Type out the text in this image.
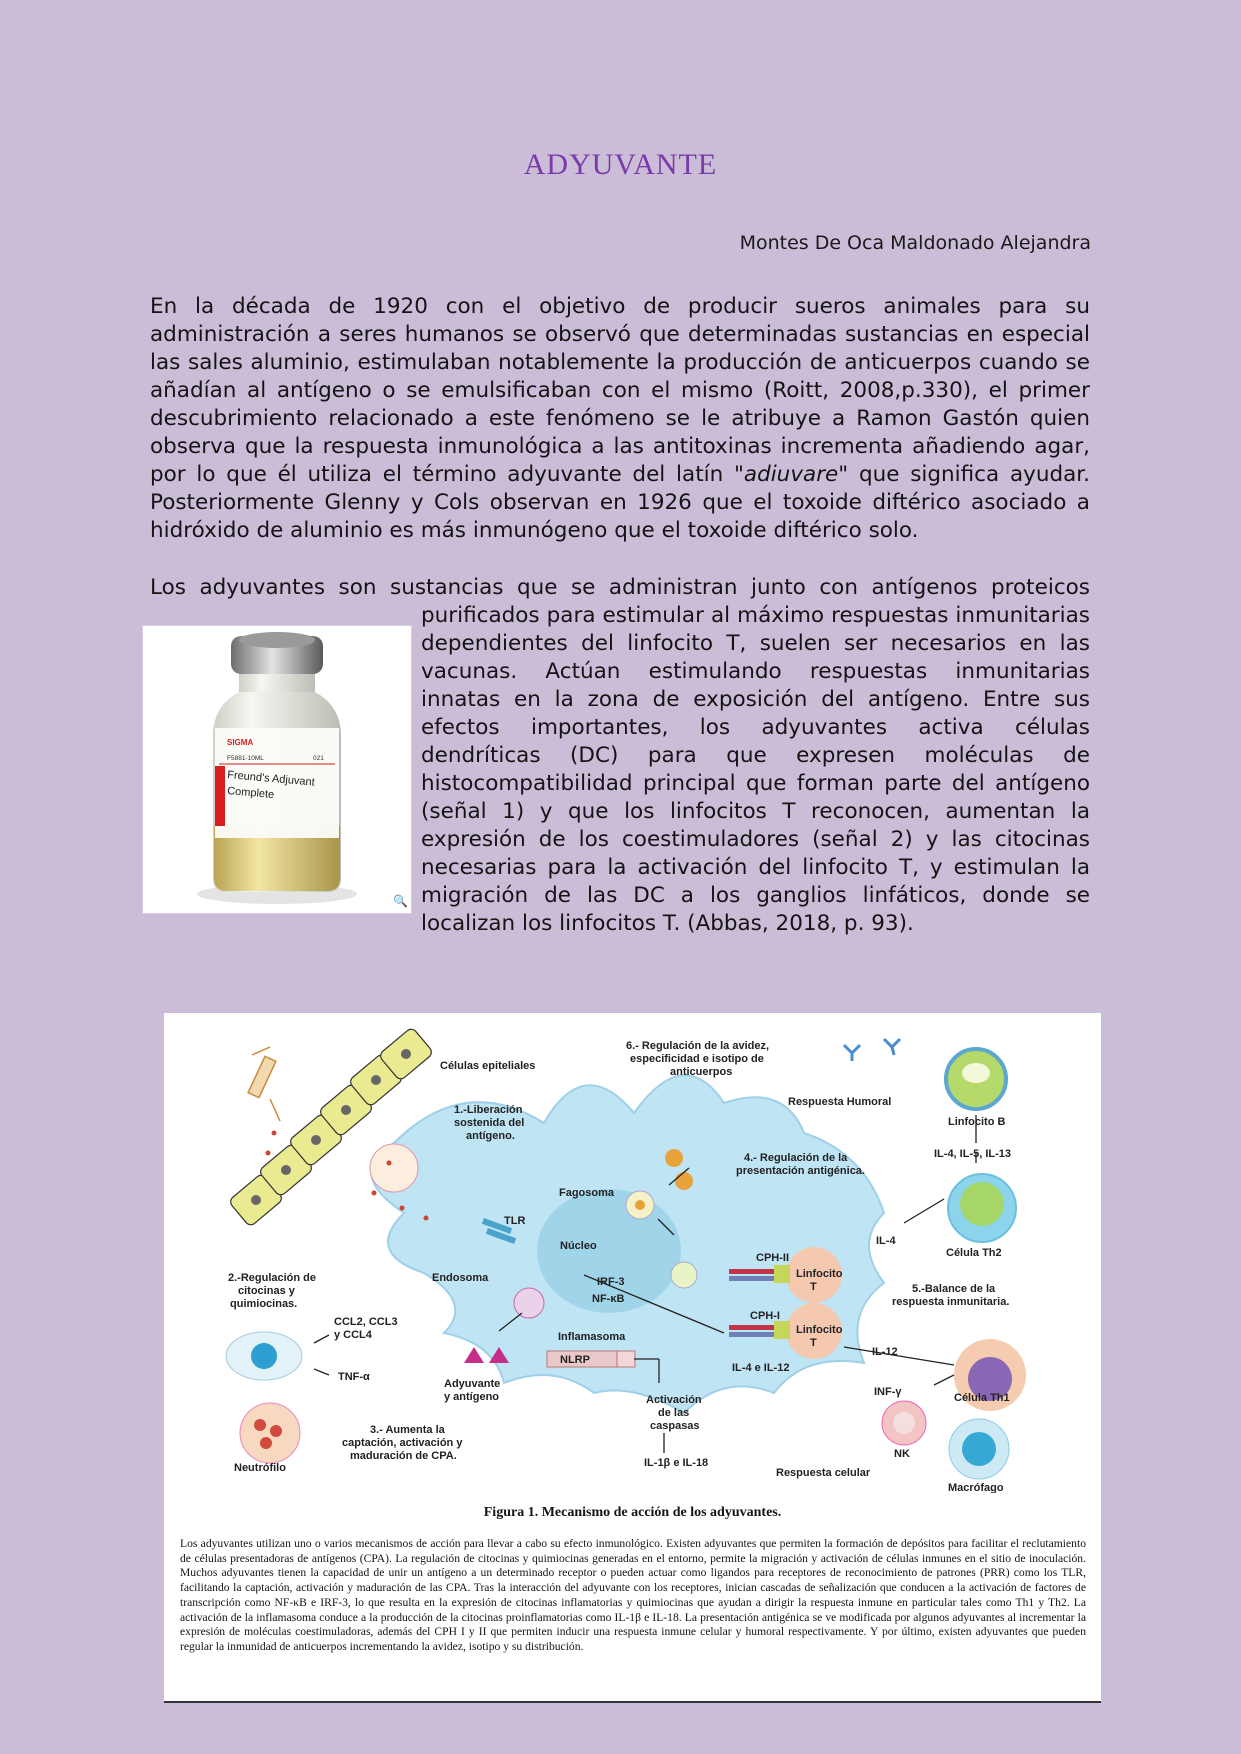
ADYUVANTE
Montes De Oca Maldonado Alejandra

En la década de 1920 con el objetivo de producir sueros animales para su administración a seres humanos se observó que determinadas sustancias en especial las sales aluminio, estimulaban notablemente la producción de anticuerpos cuando se añadían al antígeno o se emulsificaban con el mismo (Roitt, 2008,p.330), el primer descubrimiento relacionado a este fenómeno se le atribuye a Ramon Gastón quien observa que la respuesta inmunológica a las antitoxinas incrementa añadiendo agar, por lo que él utiliza el término adyuvante del latín "adiuvare" que significa ayudar. Posteriormente Glenny y Cols observan en 1926 que el toxoide diftérico asociado a hidróxido de aluminio es más inmunógeno que el toxoide diftérico solo.

Los adyuvantes son sustancias que se administran junto con antígenos proteicos

purificados para estimular al máximo respuestas inmunitarias dependientes del linfocito T, suelen ser necesarios en las vacunas. Actúan estimulando respuestas inmunitarias innatas en la zona de exposición del antígeno. Entre sus efectos importantes, los adyuvantes activa células dendríticas (DC) para que expresen moléculas de histocompatibilidad principal que forman parte del antígeno (señal 1) y que los linfocitos T reconocen, aumentan la expresión de los coestimuladores (señal 2) y las citocinas necesarias para la activación del linfocito T, y estimulan la migración de las DC a los ganglios linfáticos, donde se localizan los linfocitos T. (Abbas, 2018, p. 93).

SIGMA
F5881-10ML	021
Freund's Adjuvant
Complete
🔍
Células epiteliales
1.-Liberación
sostenida del
antígeno.
6.- Regulación de la avidez,
especificidad e isotipo de
anticuerpos
Respuesta Humoral
Linfocito B
IL-4, IL-5, IL-13
4.- Regulación de la
presentación antigénica.
Fagosoma
TLR
Núcleo
IRF-3
NF-κB
Endosoma
IL-4
Célula Th2
CPH-II
CPH-I
Linfocito
T
Linfocito
T
5.-Balance de la
respuesta inmunitaria.
2.-Regulación de
citocinas y
quimiocinas.
CCL2, CCL3
y CCL4
TNF-α
Inflamasoma
NLRP
Adyuvante
y antígeno
IL-4 e IL-12
IL-12
INF-γ	Célula Th1
Activación
de las
caspasas
IL-1β e IL-18
3.- Aumenta la
captación, activación y
maduración de CPA.
Neutrófilo	Respuesta celular
NK
Macrófago
Figura 1. Mecanismo de acción de los adyuvantes.

Los adyuvantes utilizan uno o varios mecanismos de acción para llevar a cabo su efecto inmunológico. Existen adyuvantes que permiten la formación de depósitos para facilitar el reclutamiento de células presentadoras de antígenos (CPA). La regulación de citocinas y quimiocinas generadas en el entorno, permite la migración y activación de células inmunes en el sitio de inoculación. Muchos adyuvantes tienen la capacidad de unir un antígeno a un determinado receptor o pueden actuar como ligandos para receptores de reconocimiento de patrones (PRR) como los TLR, facilitando la captación, activación y maduración de las CPA. Tras la interacción del adyuvante con los receptores, inician cascadas de señalización que conducen a la activación de factores de transcripción como NF-κB e IRF-3, lo que resulta en la expresión de citocinas inflamatorias y quimiocinas que ayudan a dirigir la respuesta inmune en particular tales como Th1 y Th2. La activación de la inflamasoma conduce a la producción de la citocinas proinflamatorias como IL-1β e IL-18. La presentación antigénica se ve modificada por algunos adyuvantes al incrementar la expresión de moléculas coestimuladoras, además del CPH I y II que permiten inducir una respuesta inmune celular y humoral respectivamente. Y por último, existen adyuvantes que pueden regular la inmunidad de anticuerpos incrementando la avidez, isotipo y su distribución.
